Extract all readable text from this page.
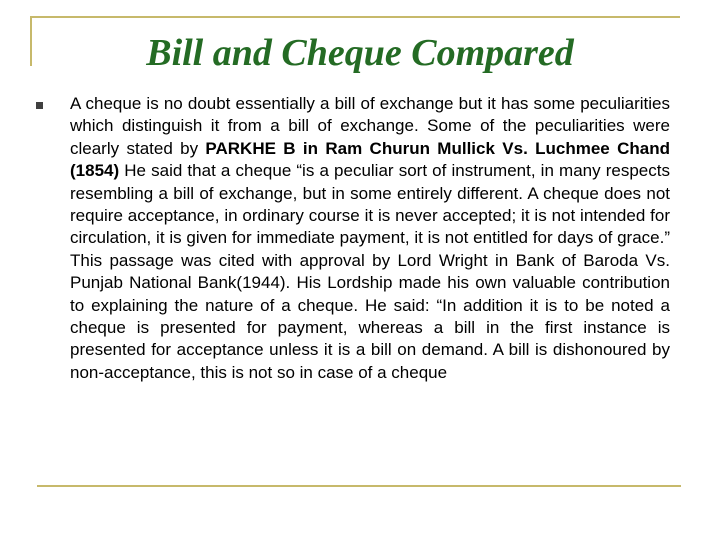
Bill and Cheque Compared
A cheque is no doubt essentially a bill of exchange but it has some peculiarities which distinguish it from a bill of exchange. Some of the peculiarities were clearly stated by PARKHE B in Ram Churun Mullick Vs. Luchmee Chand (1854) He said that a cheque “is a peculiar sort of instrument, in many respects resembling a bill of exchange, but in some entirely different. A cheque does not require acceptance, in ordinary course it is never accepted; it is not intended for circulation, it is given for immediate payment, it is not entitled for days of grace.” This passage was cited with approval by Lord Wright in Bank of Baroda Vs. Punjab National Bank(1944). His Lordship made his own valuable contribution to explaining the nature of a cheque. He said: “In addition it is to be noted a cheque is presented for payment, whereas a bill in the first instance is presented for acceptance unless it is a bill on demand. A bill is dishonoured by non-acceptance, this is not so in case of a cheque
